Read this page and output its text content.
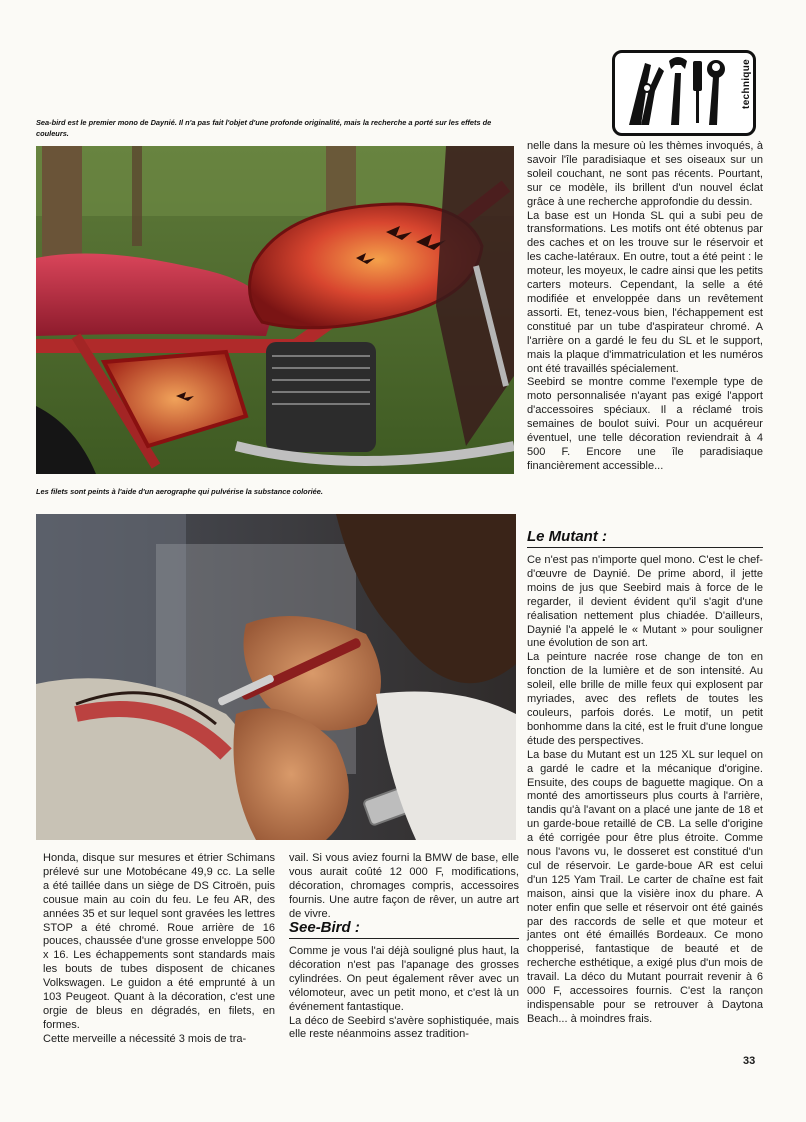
technique
Sea-bird est le premier mono de Daynié. Il n'a pas fait l'objet d'une profonde originalité, mais la recherche a porté sur les effets de couleurs.
Les filets sont peints à l'aide d'un aerographe qui pulvérise la substance coloriée.
nelle dans la mesure où les thèmes invoqués, à savoir l'île paradisiaque et ses oiseaux sur un soleil couchant, ne sont pas récents. Pourtant, sur ce modèle, ils brillent d'un nouvel éclat grâce à une recherche approfondie du dessin.
La base est un Honda SL qui a subi peu de transformations. Les motifs ont été obtenus par des caches et on les trouve sur le réservoir et les cache-latéraux. En outre, tout a été peint : le moteur, les moyeux, le cadre ainsi que les petits carters moteurs. Cependant, la selle a été modifiée et enveloppée dans un revêtement assorti. Et, tenez-vous bien, l'échappement est constitué par un tube d'aspirateur chromé. A l'arrière on a gardé le feu du SL et le support, mais la plaque d'immatriculation et les numéros ont été travaillés spécialement.
Seebird se montre comme l'exemple type de moto personnalisée n'ayant pas exigé l'apport d'accessoires spéciaux. Il a réclamé trois semaines de boulot suivi. Pour un acquéreur éventuel, une telle décoration reviendrait à 4 500 F. Encore une île paradisiaque financièrement accessible...
Le Mutant :
Ce n'est pas n'importe quel mono. C'est le chef-d'œuvre de Daynié. De prime abord, il jette moins de jus que Seebird mais à force de le regarder, il devient évident qu'il s'agit d'une réalisation nettement plus chiadée. D'ailleurs, Daynié l'a appelé le « Mutant » pour souligner une évolution de son art.
La peinture nacrée rose change de ton en fonction de la lumière et de son intensité. Au soleil, elle brille de mille feux qui explosent par myriades, avec des reflets de toutes les couleurs, parfois dorés. Le motif, un petit bonhomme dans la cité, est le fruit d'une longue étude des perspectives.
La base du Mutant est un 125 XL sur lequel on a gardé le cadre et la mécanique d'origine. Ensuite, des coups de baguette magique. On a monté des amortisseurs plus courts à l'arrière, tandis qu'à l'avant on a placé une jante de 18 et un garde-boue retaillé de CB. La selle d'origine a été corrigée pour être plus étroite. Comme nous l'avons vu, le dosseret est constitué d'un cul de réservoir. Le garde-boue AR est celui d'un 125 Yam Trail. Le carter de chaîne est fait maison, ainsi que la visière inox du phare. A noter enfin que selle et réservoir ont été gainés par des raccords de selle et que moteur et jantes ont été émaillés Bordeaux. Ce mono chopperisé, fantastique de beauté et de recherche esthétique, a exigé plus d'un mois de travail. La déco du Mutant pourrait revenir à 6 000 F, accessoires fournis. C'est la rançon indispensable pour se retrouver à Daytona Beach... à moindres frais.
Honda, disque sur mesures et étrier Schimans prélevé sur une Motobécane 49,9 cc. La selle a été taillée dans un siège de DS Citroën, puis cousue main au coin du feu. Le feu AR, des années 35 et sur lequel sont gravées les lettres STOP a été chromé. Roue arrière de 16 pouces, chaussée d'une grosse enveloppe 500 x 16. Les échappements sont standards mais les bouts de tubes disposent de chicanes Volkswagen. Le guidon a été emprunté à un 103 Peugeot. Quant à la décoration, c'est une orgie de bleus en dégradés, en filets, en formes.
Cette merveille a nécessité 3 mois de tra-
vail. Si vous aviez fourni la BMW de base, elle vous aurait coûté 12 000 F, modifications, décoration, chromages compris, accessoires fournis. Une autre façon de rêver, un autre art de vivre.
See-Bird :
Comme je vous l'ai déjà souligné plus haut, la décoration n'est pas l'apanage des grosses cylindrées. On peut également rêver avec un vélomoteur, avec un petit mono, et c'est là un événement fantastique.
La déco de Seebird s'avère sophistiquée, mais elle reste néanmoins assez tradition-
33
